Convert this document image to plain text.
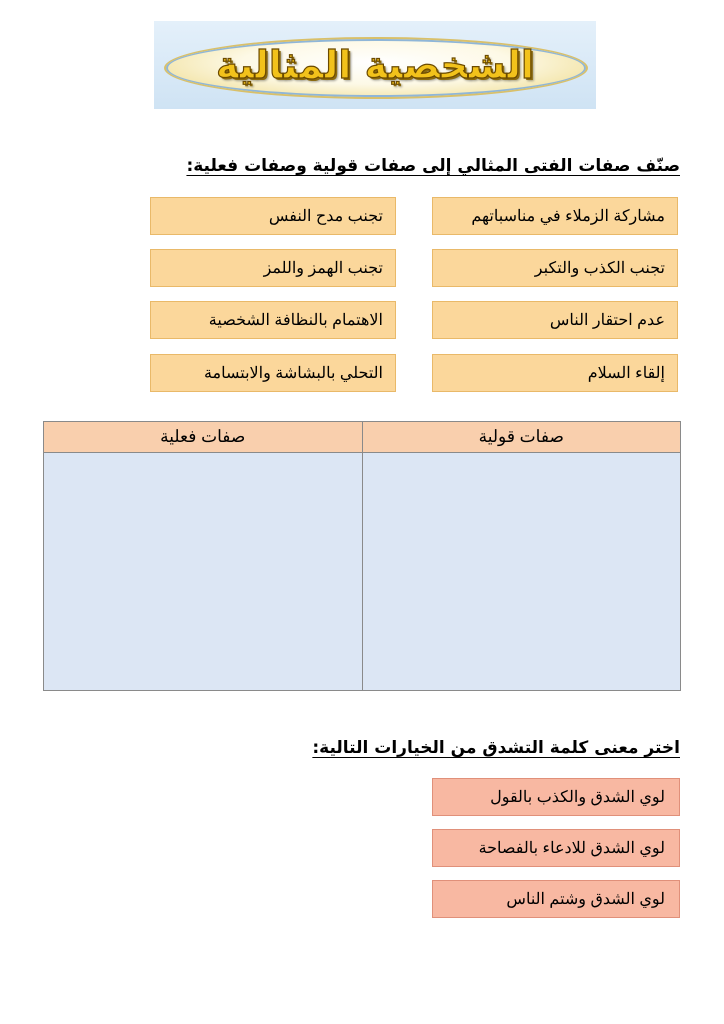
الشخصية المثالية
صنّف صفات الفتى المثالي إلى صفات قولية وصفات فعلية:
مشاركة الزملاء في مناسباتهم
تجنب مدح النفس
تجنب الكذب والتكبر
تجنب الهمز واللمز
عدم احتقار الناس
الاهتمام بالنظافة الشخصية
إلقاء السلام
التحلي بالبشاشة والابتسامة
صفات قولية	صفات فعلية

اختر معنى كلمة التشدق من الخيارات التالية:
لوي الشدق والكذب بالقول
لوي الشدق للادعاء بالفصاحة
لوي الشدق وشتم الناس
